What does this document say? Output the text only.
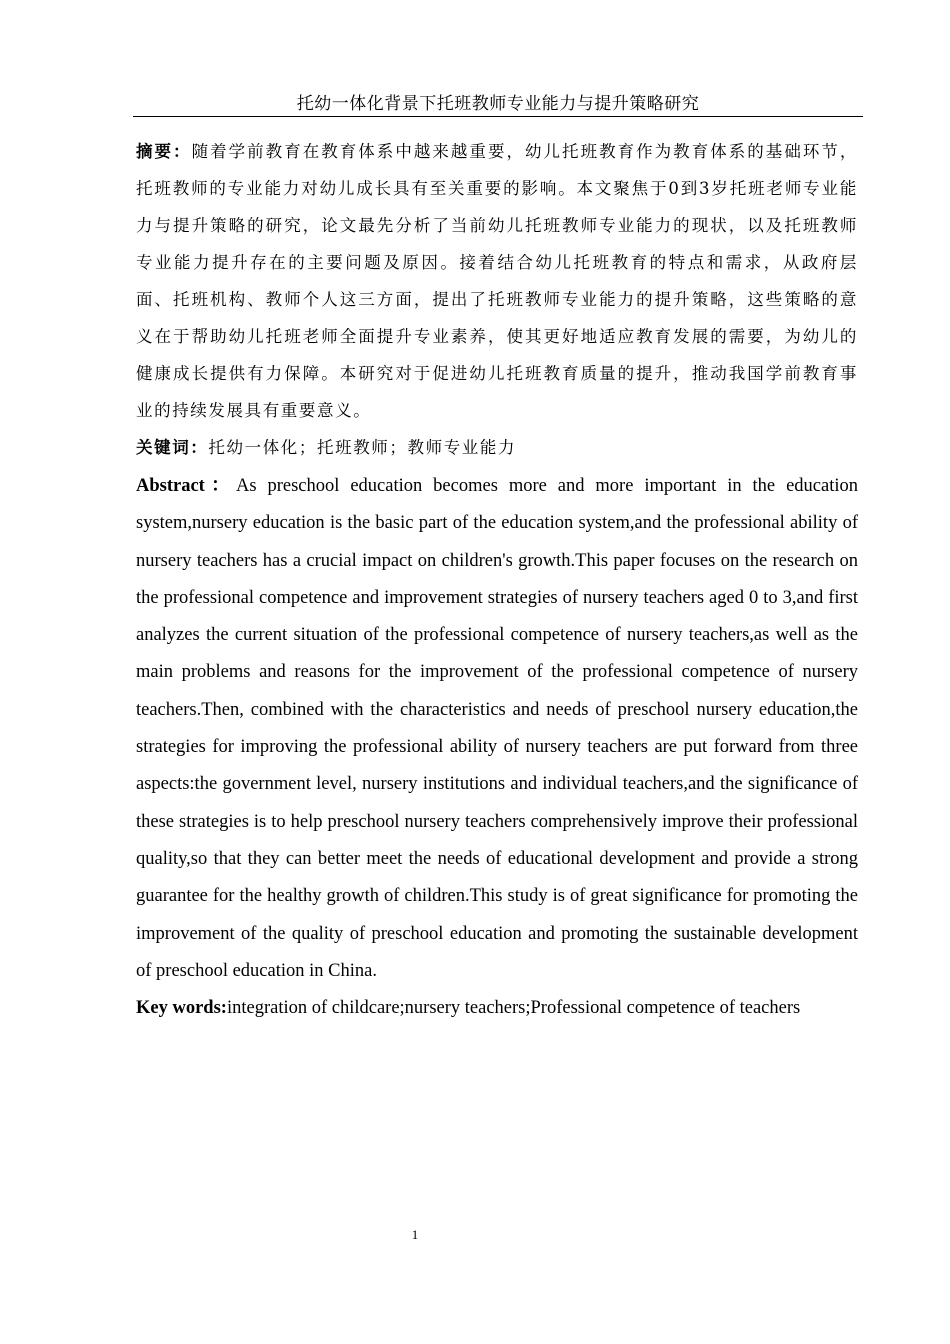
托幼一体化背景下托班教师专业能力与提升策略研究

摘要：随着学前教育在教育体系中越来越重要，幼儿托班教育作为教育体系的基础环节，托班教师的专业能力对幼儿成长具有至关重要的影响。本文聚焦于0到3岁托班老师专业能力与提升策略的研究，论文最先分析了当前幼儿托班教师专业能力的现状，以及托班教师专业能力提升存在的主要问题及原因。接着结合幼儿托班教育的特点和需求，从政府层面、托班机构、教师个人这三方面，提出了托班教师专业能力的提升策略，这些策略的意义在于帮助幼儿托班老师全面提升专业素养，使其更好地适应教育发展的需要，为幼儿的健康成长提供有力保障。本研究对于促进幼儿托班教育质量的提升，推动我国学前教育事业的持续发展具有重要意义。

关键词：托幼一体化；托班教师；教师专业能力

Abstract：As preschool education becomes more and more important in the education system,nursery education is the basic part of the education system,and the professional ability of nursery teachers has a crucial impact on children's growth.This paper focuses on the research on the professional competence and improvement strategies of nursery teachers aged 0 to 3,and first analyzes the current situation of the professional competence of nursery teachers,as well as the main problems and reasons for the improvement of the professional competence of nursery teachers.Then, combined with the characteristics and needs of preschool nursery education,the strategies for improving the professional ability of nursery teachers are put forward from three aspects:the government level, nursery institutions and individual teachers,and the significance of these strategies is to help preschool nursery teachers comprehensively improve their professional quality,so that they can better meet the needs of educational development and provide a strong guarantee for the healthy growth of children.This study is of great significance for promoting the improvement of the quality of preschool education and promoting the sustainable development of preschool education in China.

Key words:integration of childcare;nursery teachers;Professional competence of teachers

1
